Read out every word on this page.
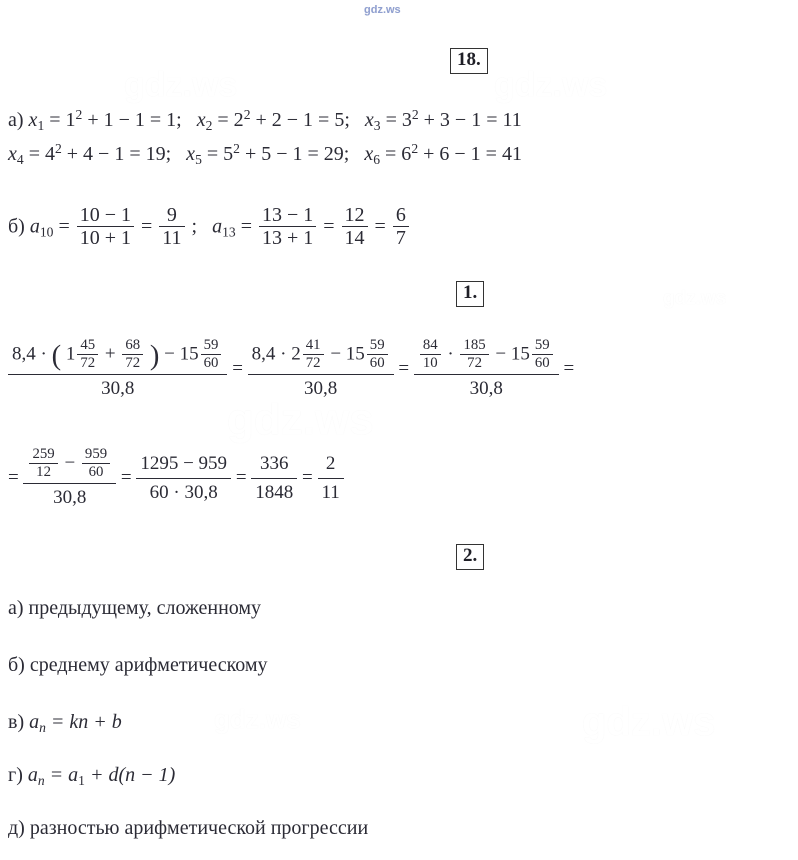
gdz.ws
gdz.ws	gdz.ws
gdz.ws
gdz.ws
gdz.ws	gdz.ws
18.
1.
2.
а) $x1 = 1^2 + 1 - 1 = 1$; $x2 = 2^2 + 2 - 1 = 5$; $x3 = 3^2 + 3 - 1 = 11$
$x4 = 4^2 + 4 - 1 = 19$; $x5 = 5^2 + 5 - 1 = 29$; $x6 = 6^2 + 6 - 1 = 41$
б) $a10 = \frac{10 - 1}{10 + 1} = \frac{9}{11}$ ; $a13 = \frac{13 - 1}{13 + 1} = \frac{12}{14} = \frac{6}{7}$
8,4 · ( $1 \frac{45}{72} + \frac{68}{72}$ ) − $15 \frac{59}{60}$
30,8
= $\frac{8,4 \cdot 2 \frac{41}{72} - 15 \frac{59}{60}}{30,8} = \frac{\frac{84}{10} \cdot \frac{185}{72} - 15 \frac{59}{60}}{30,8}$ =
= $\frac{\frac{259}{12} - \frac{959}{60}}{30,8} = \frac{1295 - 959}{60 \cdot 30,8} = \frac{336}{1848} = \frac{2}{11}$
а) предыдущему, сложенному
б) среднему арифметическому
в) $a_n$ = kn + b
г) $a_n = a1 + d(n - 1)$
д) разностью арифметической прогрессии
